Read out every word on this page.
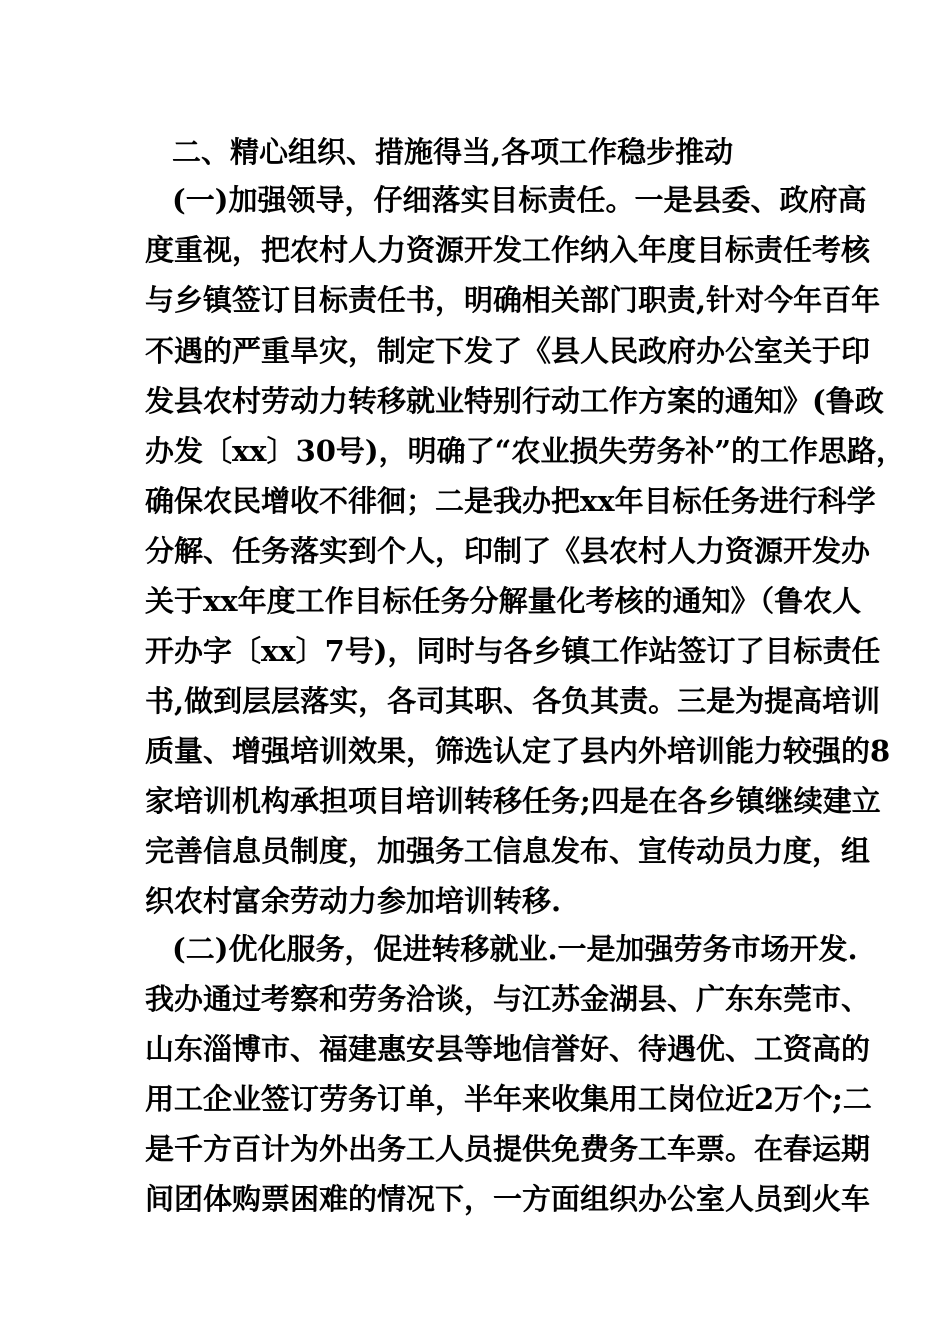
二、精心组织、措施得当,各项工作稳步推动
(一)加强领导，仔细落实目标责任。一是县委、政府高
度重视，把农村人力资源开发工作纳入年度目标责任考核
与乡镇签订目标责任书，明确相关部门职责,针对今年百年
不遇的严重旱灾，制定下发了《县人民政府办公室关于印
发县农村劳动力转移就业特别行动工作方案的通知》(鲁政
办发〔xx〕30号)，明确了“农业损失劳务补”的工作思路，
确保农民增收不徘徊；二是我办把xx年目标任务进行科学
分解、任务落实到个人，印制了《县农村人力资源开发办
关于xx年度工作目标任务分解量化考核的通知》（鲁农人
开办字〔xx〕7号)，同时与各乡镇工作站签订了目标责任
书,做到层层落实，各司其职、各负其责。三是为提高培训
质量、增强培训效果，筛选认定了县内外培训能力较强的8
家培训机构承担项目培训转移任务;四是在各乡镇继续建立
完善信息员制度，加强务工信息发布、宣传动员力度，组
织农村富余劳动力参加培训转移.
(二)优化服务，促进转移就业.一是加强劳务市场开发.
我办通过考察和劳务洽谈，与江苏金湖县、广东东莞市、
山东淄博市、福建惠安县等地信誉好、待遇优、工资高的
用工企业签订劳务订单，半年来收集用工岗位近2万个;二
是千方百计为外出务工人员提供免费务工车票。在春运期
间团体购票困难的情况下，一方面组织办公室人员到火车
